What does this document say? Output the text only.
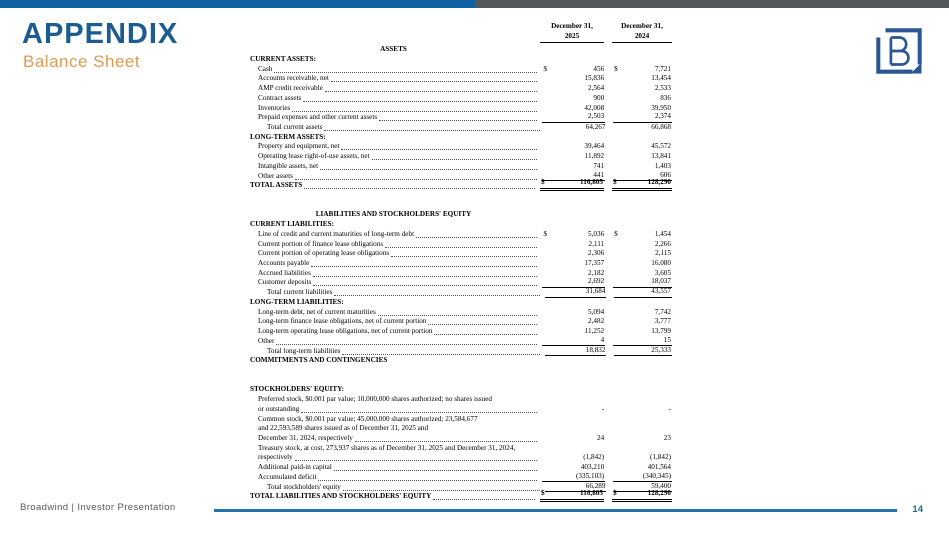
APPENDIX
Balance Sheet
December 31,
2025
December 31,
2024
ASSETS
CURRENT ASSETS:
Cash	$	456 $	7,721
Accounts receivable, net	15,836	13,454
AMP credit receivable	2,564	2,533
Contract assets	900	836
Inventories	42,008	39,950
Prepaid expenses and other current assets	2,503	2,374
Total current assets	64,267	66,868
LONG-TERM ASSETS:
Property and equipment, net	39,464	45,572
Operating lease right-of-use assets, net	11,892	13,841
Intangible assets, net	741	1,403
Other assets	441	606
TOTAL ASSETS	$	116,805 $	128,290
LIABILITIES AND STOCKHOLDERS' EQUITY
CURRENT LIABILITIES:
Line of credit and current maturities of long-term debt	$	5,036 $	1,454
Current portion of finance lease obligations	2,111	2,266
Current portion of operating lease obligations	2,306	2,115
Accounts payable	17,357	16,080
Accrued liabilities	2,182	3,605
Customer deposits	2,692	18,037
Total current liabilities	31,684	43,557
LONG-TERM LIABILITIES:
Long-term debt, net of current maturities	5,094	7,742
Long-term finance lease obligations, net of current portion	2,482	3,777
Long-term operating lease obligations, net of current portion	11,252	13,799
Other	4	15
Total long-term liabilities	18,832	25,333
COMMITMENTS AND CONTINGENCIES
STOCKHOLDERS' EQUITY:
Preferred stock, $0.001 par value; 10,000,000 shares authorized; no shares issued
or outstanding	-	-
Common stock, $0.001 par value; 45,000,000 shares authorized; 23,584,677
and 22,593,589 shares issued as of December 31, 2025 and
December 31, 2024, respectively	24	23
Treasury stock, at cost, 273,937 shares as of December 31, 2025 and December 31, 2024,
respectively	(1,842)	(1,842)
Additional paid-in capital	403,210	401,564
Accumulated deficit	(335,103)	(340,345)
Total stockholders' equity	66,289	59,400
TOTAL LIABILITIES AND STOCKHOLDERS' EQUITY	$	116,805 $	128,290
Broadwind | Investor Presentation	14
